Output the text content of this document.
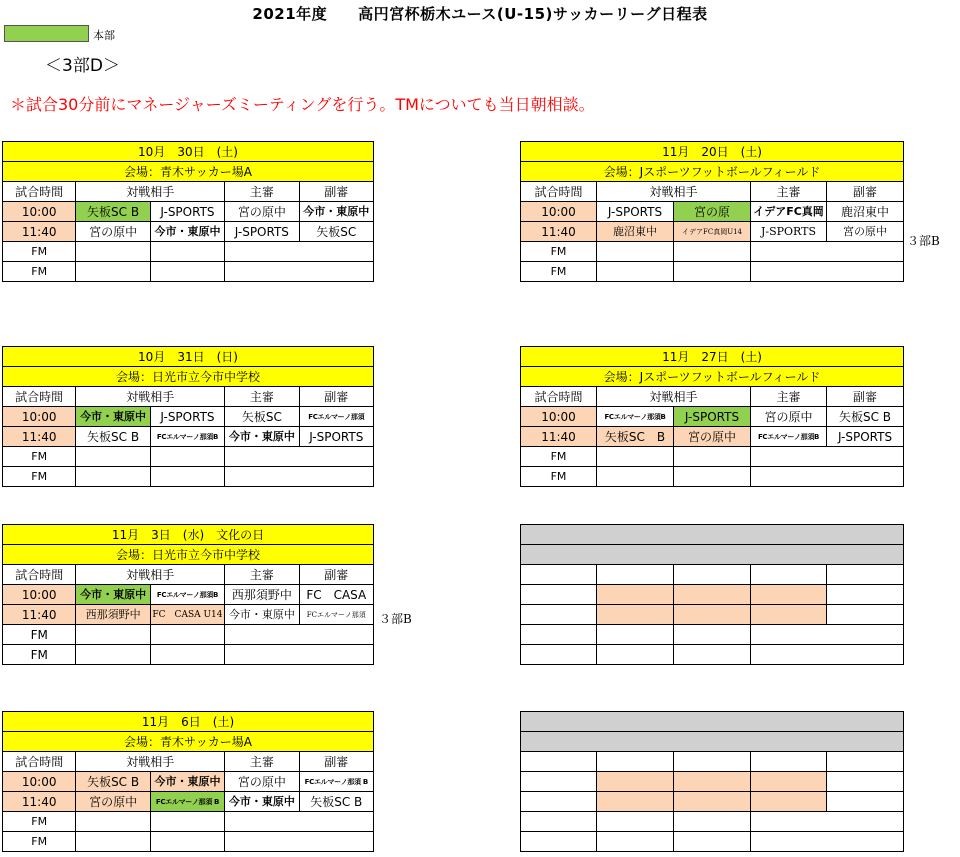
2021年度　　高円宮杯栃木ユース(U-15)サッカーリーグ日程表
本部
＜3部D＞
＊試合30分前にマネージャーズミーティングを行う。TMについても当日朝相談。
10月　30日　(土)				
会場：青木サッカー場A				
試合時間	対戦相手		主審	副審
10:00	矢板SC B	J-SPORTS	宮の原中	今市・東原中
11:40	宮の原中	今市・東原中	J-SPORTS	矢板SC
FM				
FM				
11月　20日　(土)				
会場：Jスポーツフットボールフィールド				
試合時間	対戦相手		主審	副審
10:00	J-SPORTS	宮の原	イデアFC真岡	鹿沼東中
11:40	鹿沼東中	イデアFC真岡U14	J-SPORTS	宮の原中
FM				
FM				
３部B
10月　31日　(日)				
会場：日光市立今市中学校				
試合時間	対戦相手		主審	副審
10:00	今市・東原中	J-SPORTS	矢板SC	FCエルマーノ那須
11:40	矢板SC B	FCエルマーノ那須B	今市・東原中	J-SPORTS
FM				
FM				
11月　27日　(土)				
会場：Jスポーツフットボールフィールド				
試合時間	対戦相手		主審	副審
10:00	FCエルマーノ那須B	J-SPORTS	宮の原中	矢板SC B
11:40	矢板SC　B	宮の原中	FCエルマーノ那須B	J-SPORTS
FM				
FM				
11月　3日　(水)　文化の日				
会場：日光市立今市中学校				
試合時間	対戦相手		主審	副審
10:00	今市・東原中	FCエルマーノ那須B	西那須野中	FC　CASA
11:40	西那須野中	FC　CASA U14	今市・東原中	FCエルマーノ那須
FM				
FM				
３部B

11月　6日　(土)				
会場：青木サッカー場A				
試合時間	対戦相手		主審	副審
10:00	矢板SC B	今市・東原中	宮の原中	FCエルマーノ那須 B
11:40	宮の原中	FCエルマーノ那須 B	今市・東原中	矢板SC B
FM				
FM				
